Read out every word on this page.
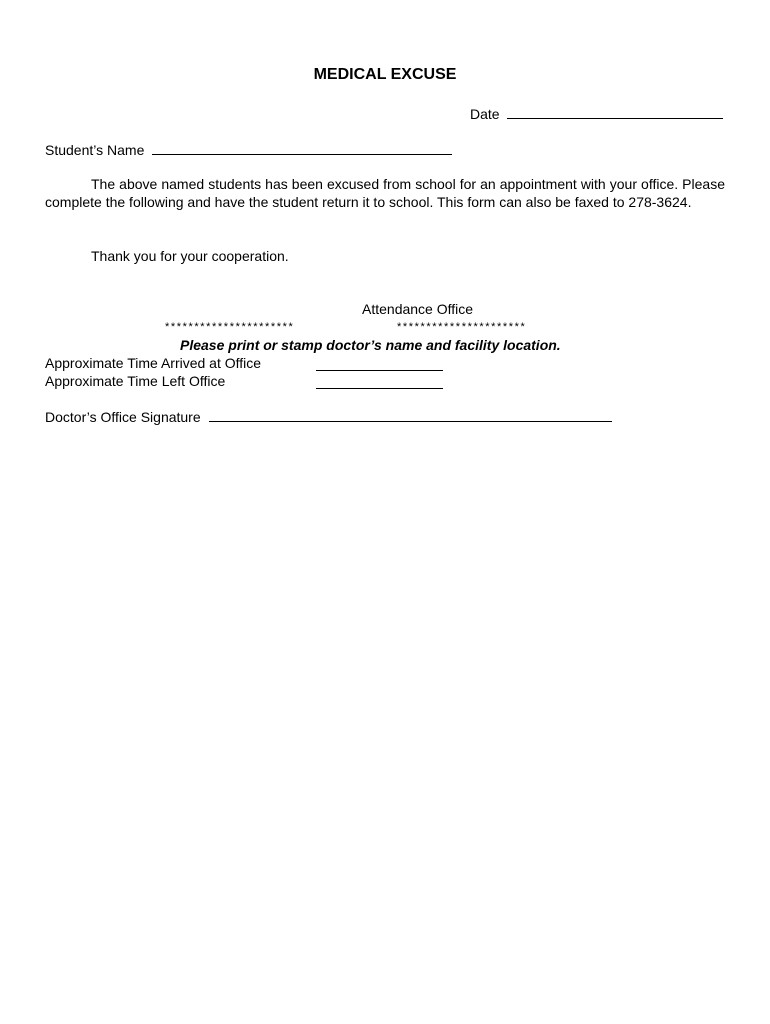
MEDICAL EXCUSE
Date
Student’s Name
The above named students has been excused from school for an appointment with your office. Please complete the following and have the student return it to school. This form can also be faxed to 278-3624.
Thank you for your cooperation.
Attendance Office
**********************	**********************
Please print or stamp doctor’s name and facility location.
Approximate Time Arrived at Office
Approximate Time Left Office
Doctor’s Office Signature
